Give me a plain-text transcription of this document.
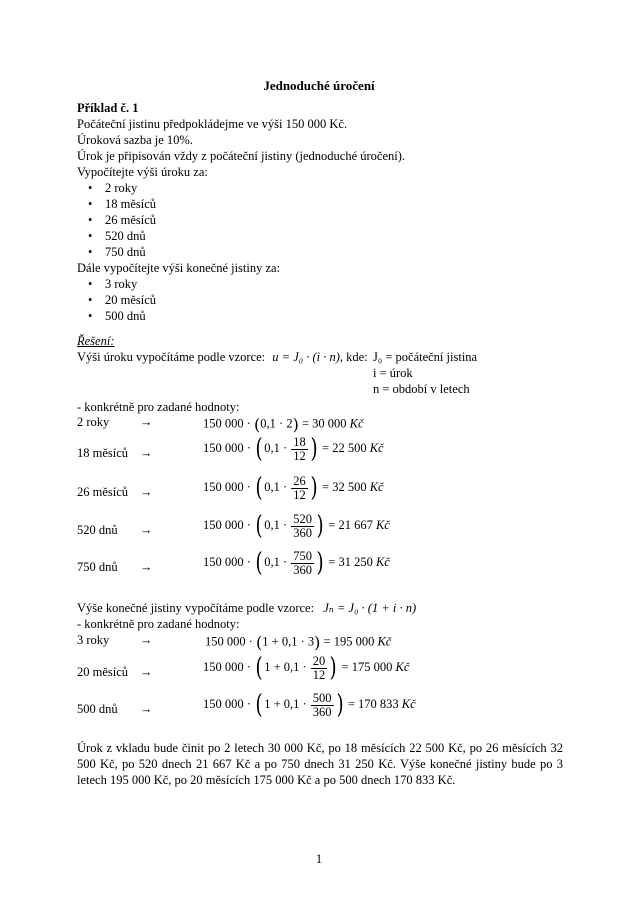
Jednoduché úročení
Příklad č. 1
Počáteční jistinu předpokládejme ve výši 150 000 Kč.
Úroková sazba je 10%.
Úrok je připisován vždy z počáteční jistiny (jednoduché úročení).
Vypočítejte výši úroku za:
•	2 roky
•	18 měsíců
•	26 měsíců
•	520 dnů
•	750 dnů
Dále vypočítejte výši konečné jistiny za:
•	3 roky
•	20 měsíců
•	500 dnů
Řešení:
Výši úroku vypočítáme podle vzorce: u = J₀ · (i · n), kde: J₀ = počáteční jistina
i = úrok
n = období v letech
- konkrétně pro zadané hodnoty:
2 roky →	150 000 · (0,1 · 2) = 30 000 Kč
18 měsíců →	150 000 · ( $0,1 \cdot \frac{18}{12}$ ) = 22 500 Kč
26 měsíců →	150 000 · ( $0,1 \cdot \frac{26}{12}$ ) = 32 500 Kč
520 dnů →	150 000 · ( $0,1 \cdot \frac{520}{360}$ ) = 21 667 Kč
750 dnů →	150 000 · ( $0,1 \cdot \frac{750}{360}$ ) = 31 250 Kč
Výše konečné jistiny vypočítáme podle vzorce: Jₙ = J₀ · (1 + i · n)
- konkrétně pro zadané hodnoty:
3 roky →	150 000 · (1 + 0,1 · 3) = 195 000 Kč
20 měsíců →	150 000 · ( $1 + 0,1 \cdot \frac{20}{12}$ ) = 175 000 Kč
500 dnů →	150 000 · ( $1 + 0,1 \cdot \frac{500}{360}$ ) = 170 833 Kč
Úrok z vkladu bude činit po 2 letech 30 000 Kč, po 18 měsících 22 500 Kč, po 26 měsících 32 500 Kč, po 520 dnech 21 667 Kč a po 750 dnech 31 250 Kč. Výše konečné jistiny bude po 3 letech 195 000 Kč, po 20 měsících 175 000 Kč a po 500 dnech 170 833 Kč.
1
